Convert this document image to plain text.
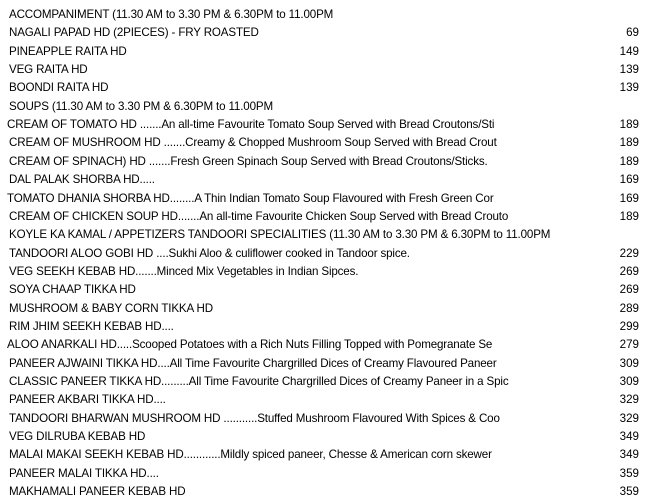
ACCOMPANIMENT (11.30 AM to 3.30 PM & 6.30PM to 11.00PM
NAGALI PAPAD HD (2PIECES) - FRY ROASTED	69
PINEAPPLE RAITA HD	149
VEG RAITA HD	139
BOONDI RAITA HD	139
SOUPS (11.30 AM to 3.30 PM & 6.30PM to 11.00PM
CREAM OF TOMATO HD .......An all-time Favourite Tomato Soup Served with Bread Croutons/Sti	189
CREAM OF MUSHROOM HD .......Creamy & Chopped Mushroom Soup Served with Bread Crout	189
CREAM OF SPINACH) HD .......Fresh Green Spinach Soup Served with Bread Croutons/Sticks.	189
DAL PALAK SHORBA HD.....	169
TOMATO DHANIA SHORBA HD........A Thin Indian Tomato Soup Flavoured with Fresh Green Cor	169
CREAM OF CHICKEN SOUP HD.......An all-time Favourite Chicken Soup Served with Bread Crouto	189
KOYLE KA KAMAL / APPETIZERS TANDOORI SPECIALITIES (11.30 AM to 3.30 PM & 6.30PM to 11.00PM
TANDOORI ALOO GOBI HD ....Sukhi Aloo & culiflower cooked in Tandoor spice.	229
VEG SEEKH KEBAB HD.......Minced Mix Vegetables in Indian Sipces.	269
SOYA CHAAP TIKKA HD	269
MUSHROOM & BABY CORN TIKKA HD	289
RIM JHIM SEEKH KEBAB HD....	299
ALOO ANARKALI HD.....Scooped Potatoes with a Rich Nuts Filling Topped with Pomegranate Se	279
PANEER AJWAINI TIKKA HD....All Time Favourite Chargrilled Dices of Creamy Flavoured Paneer	309
CLASSIC PANEER TIKKA HD.........All Time Favourite Chargrilled Dices of Creamy Paneer in a Spic	309
PANEER AKBARI TIKKA HD....	329
TANDOORI BHARWAN MUSHROOM HD ...........Stuffed Mushroom Flavoured With Spices & Coo	329
VEG DILRUBA KEBAB HD	349
MALAI MAKAI SEEKH KEBAB HD............Mildly spiced paneer, Chesse & American corn skewer	349
PANEER MALAI TIKKA HD....	359
MAKHAMALI PANEER KEBAB HD	359
